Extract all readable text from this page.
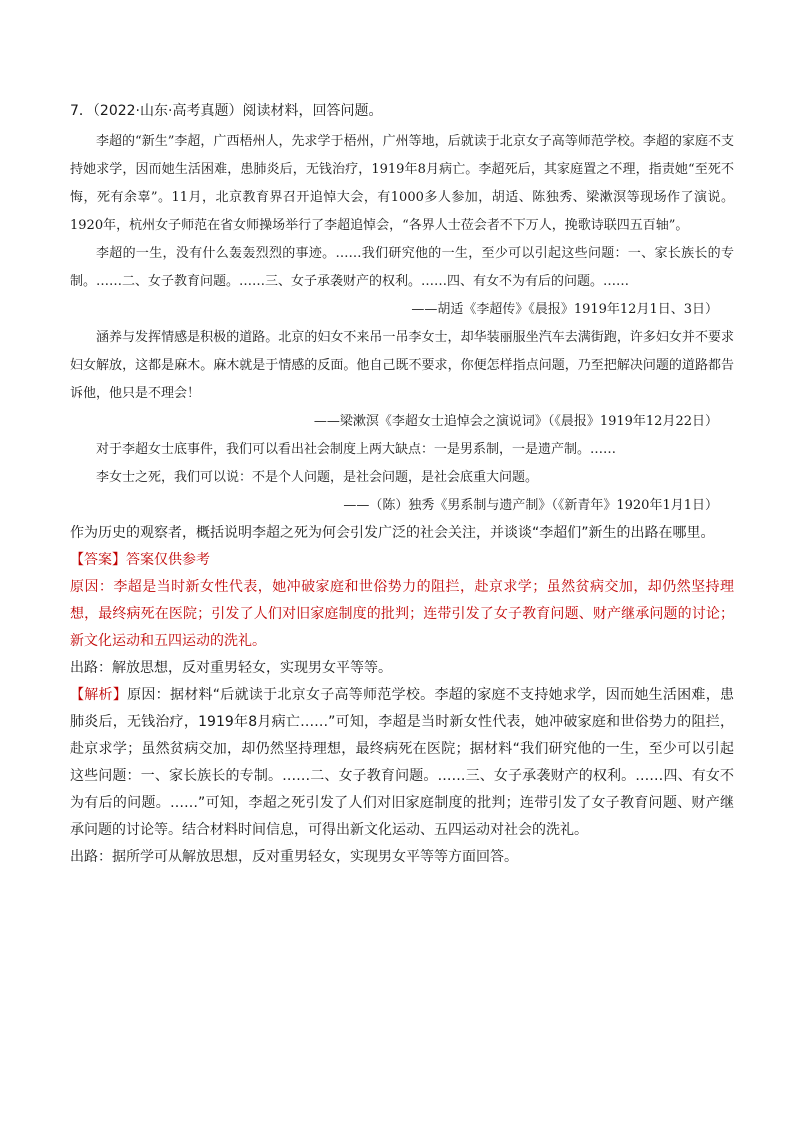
7．（2022·山东·高考真题）阅读材料，回答问题。

李超的“新生”李超，广西梧州人，先求学于梧州，广州等地，后就读于北京女子高等师范学校。李超的家庭不支持她求学，因而她生活困难，患肺炎后，无钱治疗，1919年8月病亡。李超死后，其家庭置之不理，指责她“至死不悔，死有余辜”。11月，北京教育界召开追悼大会，有1000多人参加，胡适、陈独秀、梁漱溟等现场作了演说。1920年，杭州女子师范在省女师操场举行了李超追悼会，“各界人士莅会者不下万人，挽歌诗联四五百轴”。

李超的一生，没有什么轰轰烈烈的事迹。……我们研究他的一生，至少可以引起这些问题：一、家长族长的专制。……二、女子教育问题。……三、女子承袭财产的权利。……四、有女不为有后的问题。……

——胡适《李超传》《晨报》1919年12月1日、3日）

涵养与发挥情感是积极的道路。北京的妇女不来吊一吊李女士，却华装丽服坐汽车去满街跑，许多妇女并不要求妇女解放，这都是麻木。麻木就是于情感的反面。他自己既不要求，你便怎样指点问题，乃至把解决问题的道路都告诉他，他只是不理会！

——梁漱溟《李超女士追悼会之演说词》（《晨报》1919年12月22日）

对于李超女士底事件，我们可以看出社会制度上两大缺点：一是男系制，一是遗产制。……

李女士之死，我们可以说：不是个人问题，是社会问题，是社会底重大问题。

——（陈）独秀《男系制与遗产制》（《新青年》1920年1月1日）

作为历史的观察者，概括说明李超之死为何会引发广泛的社会关注，并谈谈“李超们”新生的出路在哪里。

【答案】答案仅供参考

原因：李超是当时新女性代表，她冲破家庭和世俗势力的阻拦，赴京求学；虽然贫病交加，却仍然坚持理想，最终病死在医院；引发了人们对旧家庭制度的批判；连带引发了女子教育问题、财产继承问题的讨论；新文化运动和五四运动的洗礼。

出路：解放思想，反对重男轻女，实现男女平等等。

【解析】原因：据材料“后就读于北京女子高等师范学校。李超的家庭不支持她求学，因而她生活困难，患肺炎后，无钱治疗，1919年8月病亡……”可知，李超是当时新女性代表，她冲破家庭和世俗势力的阻拦，赴京求学；虽然贫病交加，却仍然坚持理想，最终病死在医院；据材料“我们研究他的一生，至少可以引起这些问题：一、家长族长的专制。……二、女子教育问题。……三、女子承袭财产的权利。……四、有女不为有后的问题。……”可知，李超之死引发了人们对旧家庭制度的批判；连带引发了女子教育问题、财产继承问题的讨论等。结合材料时间信息，可得出新文化运动、五四运动对社会的洗礼。

出路：据所学可从解放思想，反对重男轻女，实现男女平等等方面回答。
